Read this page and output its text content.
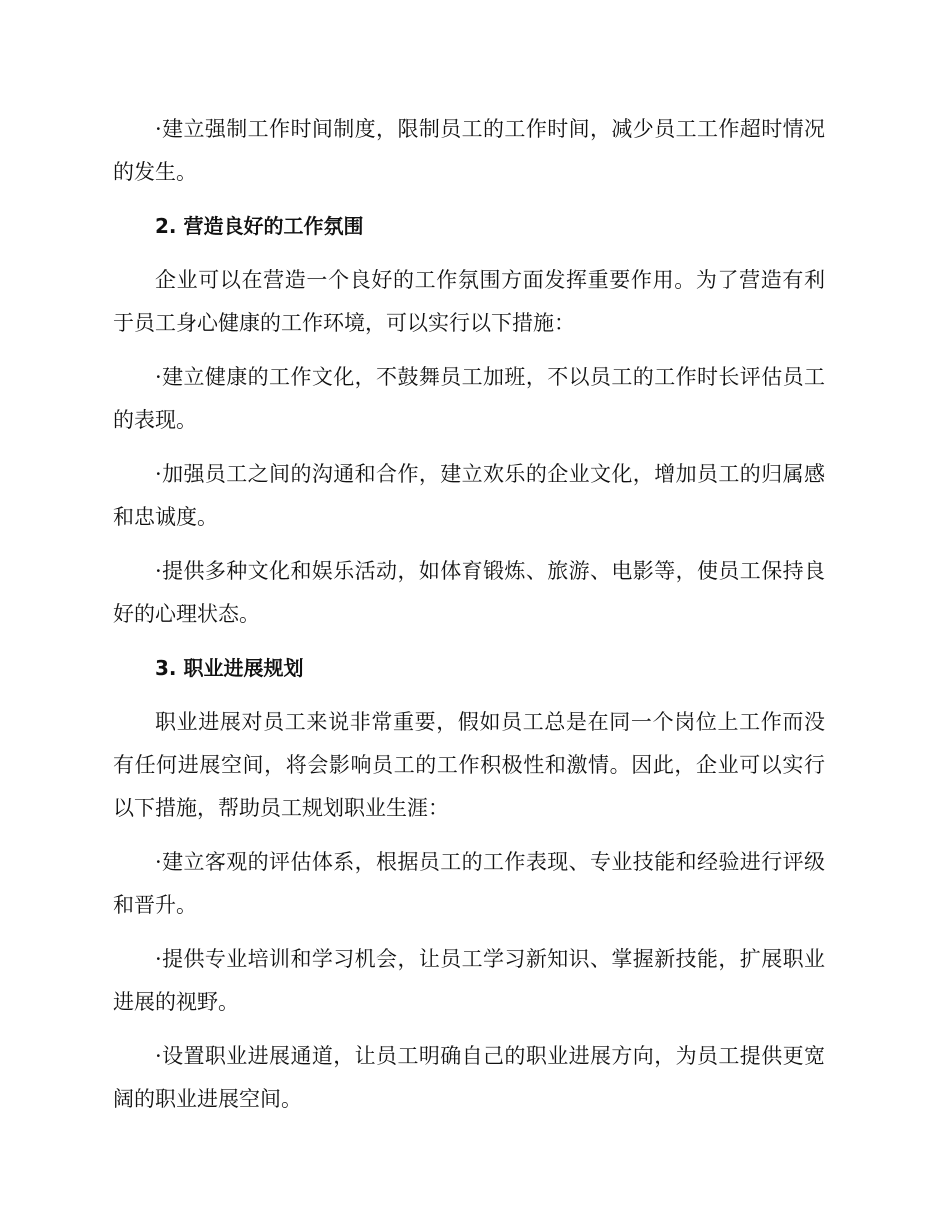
·建立强制工作时间制度，限制员工的工作时间，减少员工工作超时情况的发生。

2. 营造良好的工作氛围

企业可以在营造一个良好的工作氛围方面发挥重要作用。为了营造有利于员工身心健康的工作环境，可以实行以下措施：

·建立健康的工作文化，不鼓舞员工加班，不以员工的工作时长评估员工的表现。

·加强员工之间的沟通和合作，建立欢乐的企业文化，增加员工的归属感和忠诚度。

·提供多种文化和娱乐活动，如体育锻炼、旅游、电影等，使员工保持良好的心理状态。

3. 职业进展规划

职业进展对员工来说非常重要，假如员工总是在同一个岗位上工作而没有任何进展空间，将会影响员工的工作积极性和激情。因此，企业可以实行以下措施，帮助员工规划职业生涯：

·建立客观的评估体系，根据员工的工作表现、专业技能和经验进行评级和晋升。

·提供专业培训和学习机会，让员工学习新知识、掌握新技能，扩展职业进展的视野。

·设置职业进展通道，让员工明确自己的职业进展方向，为员工提供更宽阔的职业进展空间。
